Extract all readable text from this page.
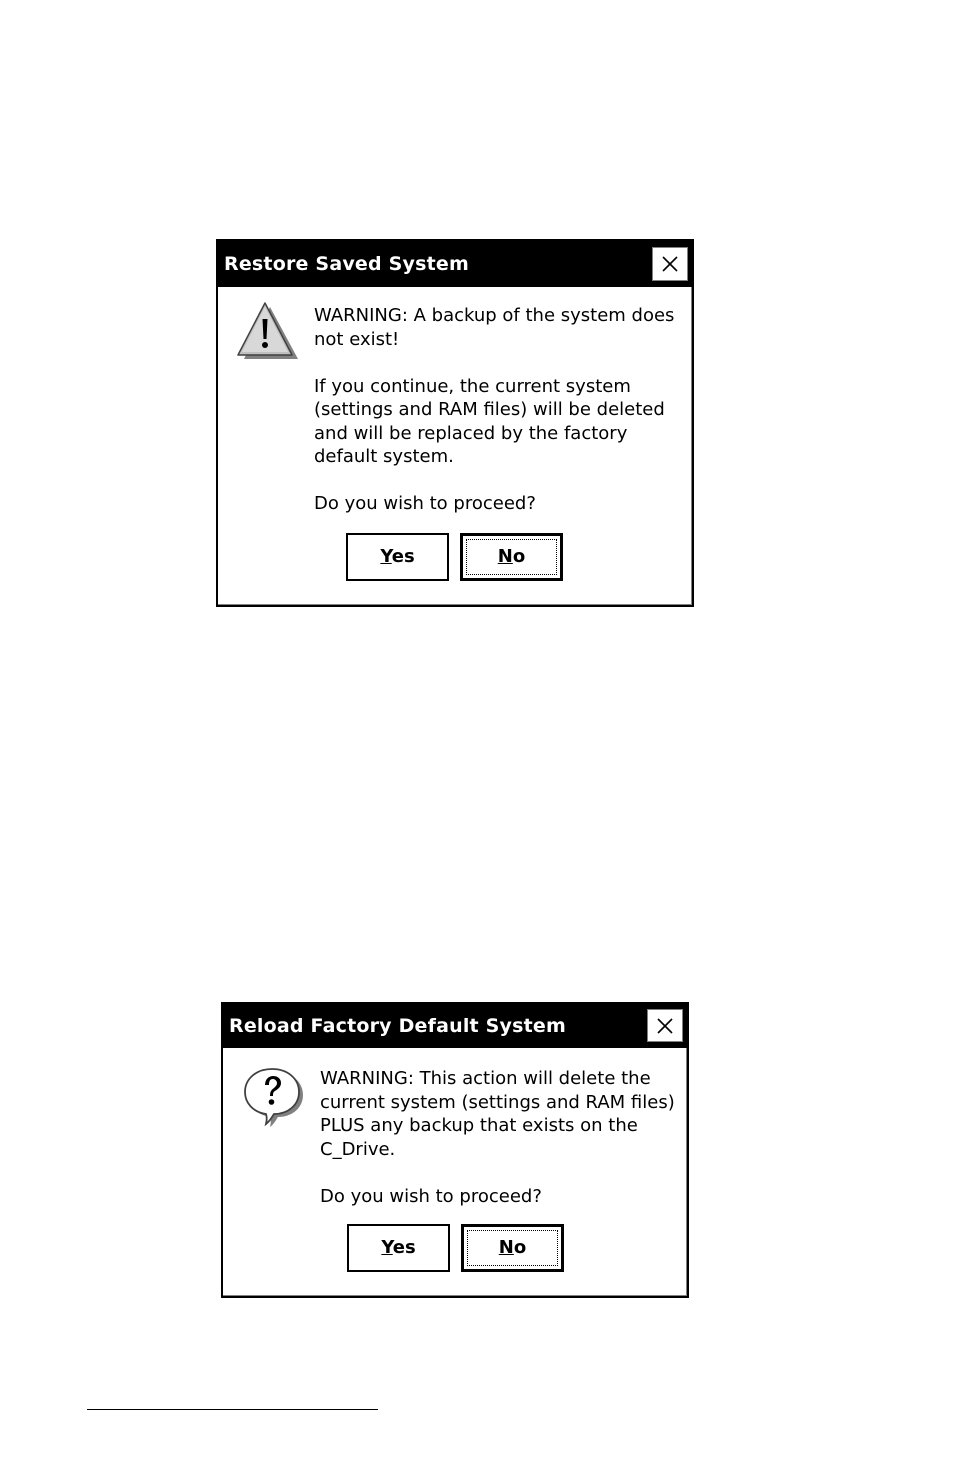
Restore Saved System

WARNING: A backup of the system does not exist!

If you continue, the current system (settings and RAM files) will be deleted and will be replaced by the factory default system.

Do you wish to proceed?

Yes	No
Reload Factory Default System

WARNING: This action will delete the current system (settings and RAM files) PLUS any backup that exists on the C_Drive.

Do you wish to proceed?

Yes	No
